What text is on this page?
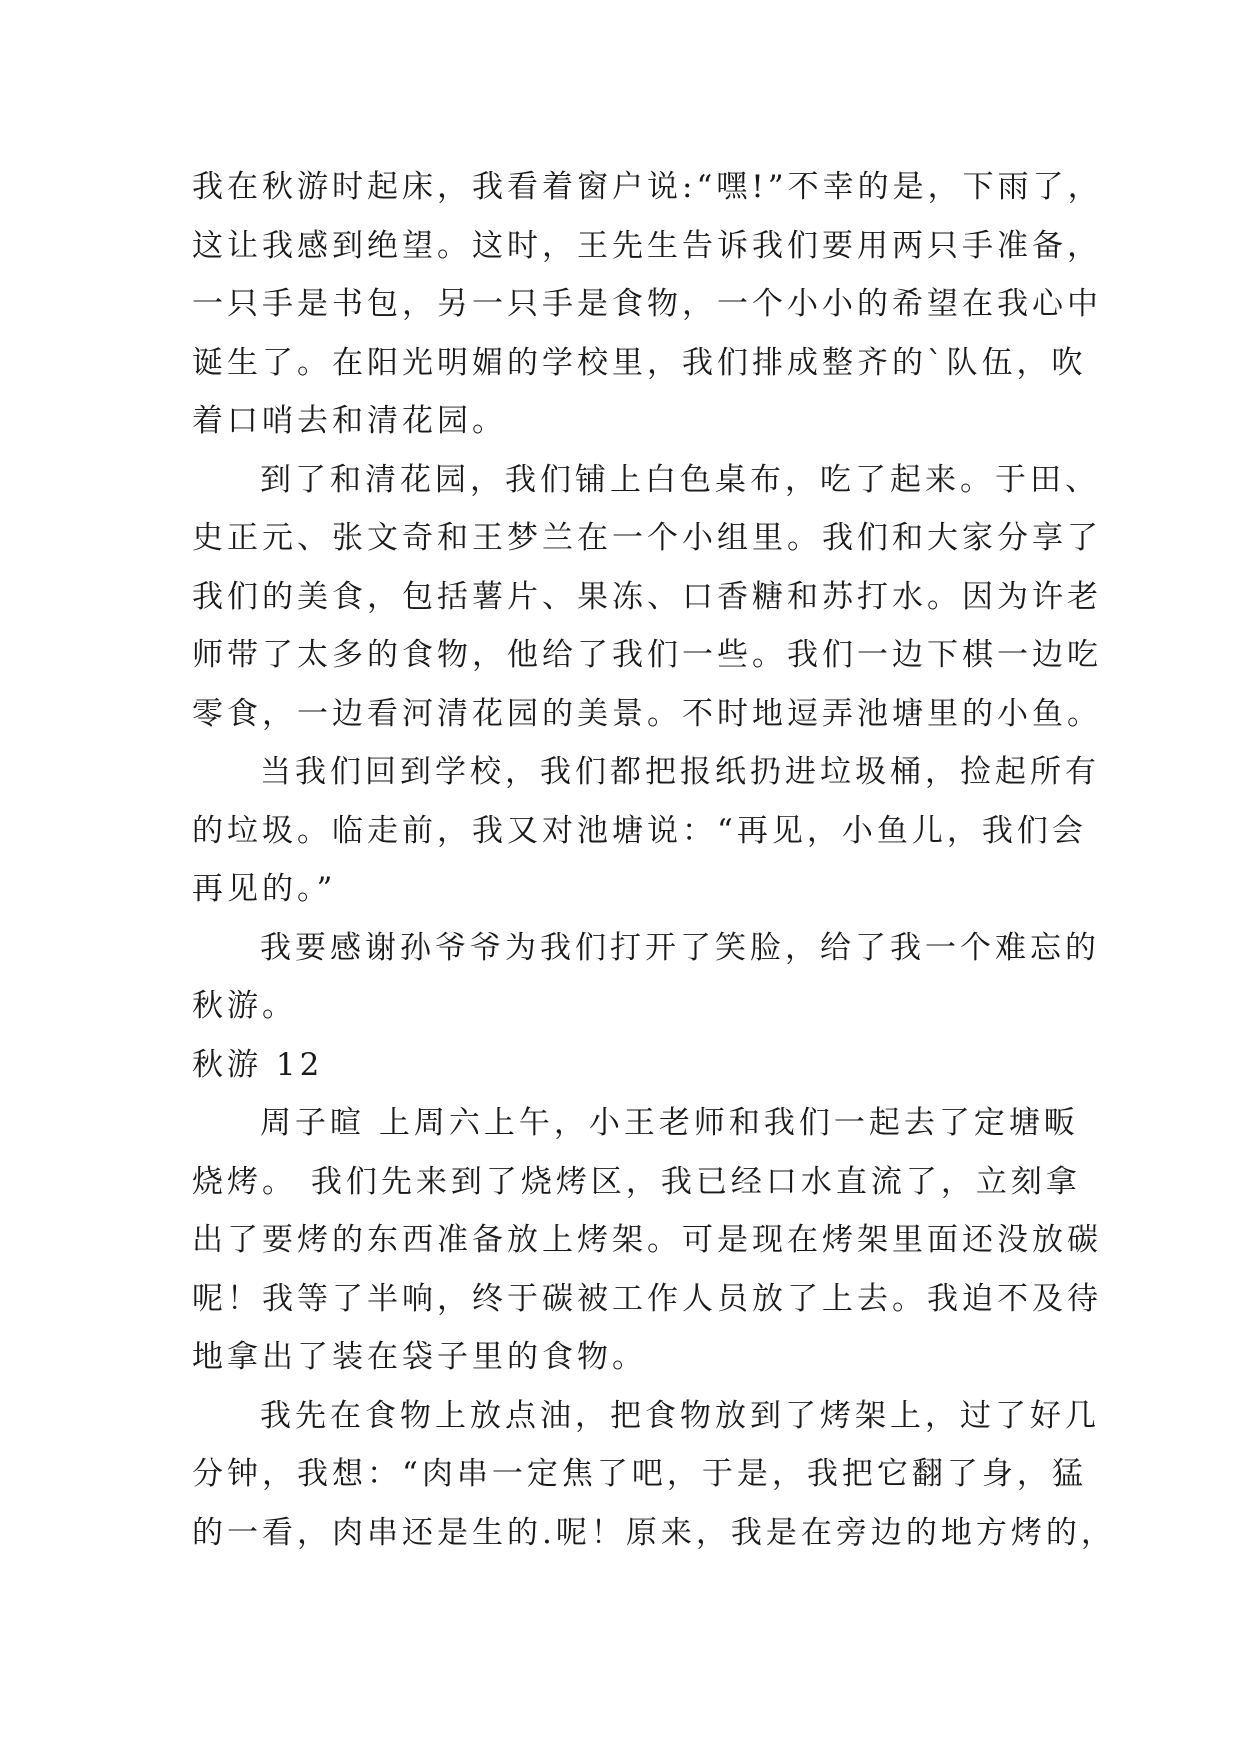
我在秋游时起床，我看着窗户说:“嘿!”不幸的是，下雨了，

这让我感到绝望。这时，王先生告诉我们要用两只手准备，

一只手是书包，另一只手是食物，一个小小的希望在我心中

诞生了。在阳光明媚的学校里，我们排成整齐的`队伍，吹

着口哨去和清花园。

到了和清花园，我们铺上白色桌布，吃了起来。于田、

史正元、张文奇和王梦兰在一个小组里。我们和大家分享了

我们的美食，包括薯片、果冻、口香糖和苏打水。因为许老

师带了太多的食物，他给了我们一些。我们一边下棋一边吃

零食，一边看河清花园的美景。不时地逗弄池塘里的小鱼。

当我们回到学校，我们都把报纸扔进垃圾桶，捡起所有

的垃圾。临走前，我又对池塘说：“再见，小鱼儿，我们会

再见的。”

我要感谢孙爷爷为我们打开了笑脸，给了我一个难忘的

秋游。

秋游 12

周子暄 上周六上午，小王老师和我们一起去了定塘畈

烧烤。 我们先来到了烧烤区，我已经口水直流了，立刻拿

出了要烤的东西准备放上烤架。可是现在烤架里面还没放碳

呢！我等了半响，终于碳被工作人员放了上去。我迫不及待

地拿出了装在袋子里的食物。

我先在食物上放点油，把食物放到了烤架上，过了好几

分钟，我想：“肉串一定焦了吧，于是，我把它翻了身，猛

的一看，肉串还是生的.呢！原来，我是在旁边的地方烤的，
